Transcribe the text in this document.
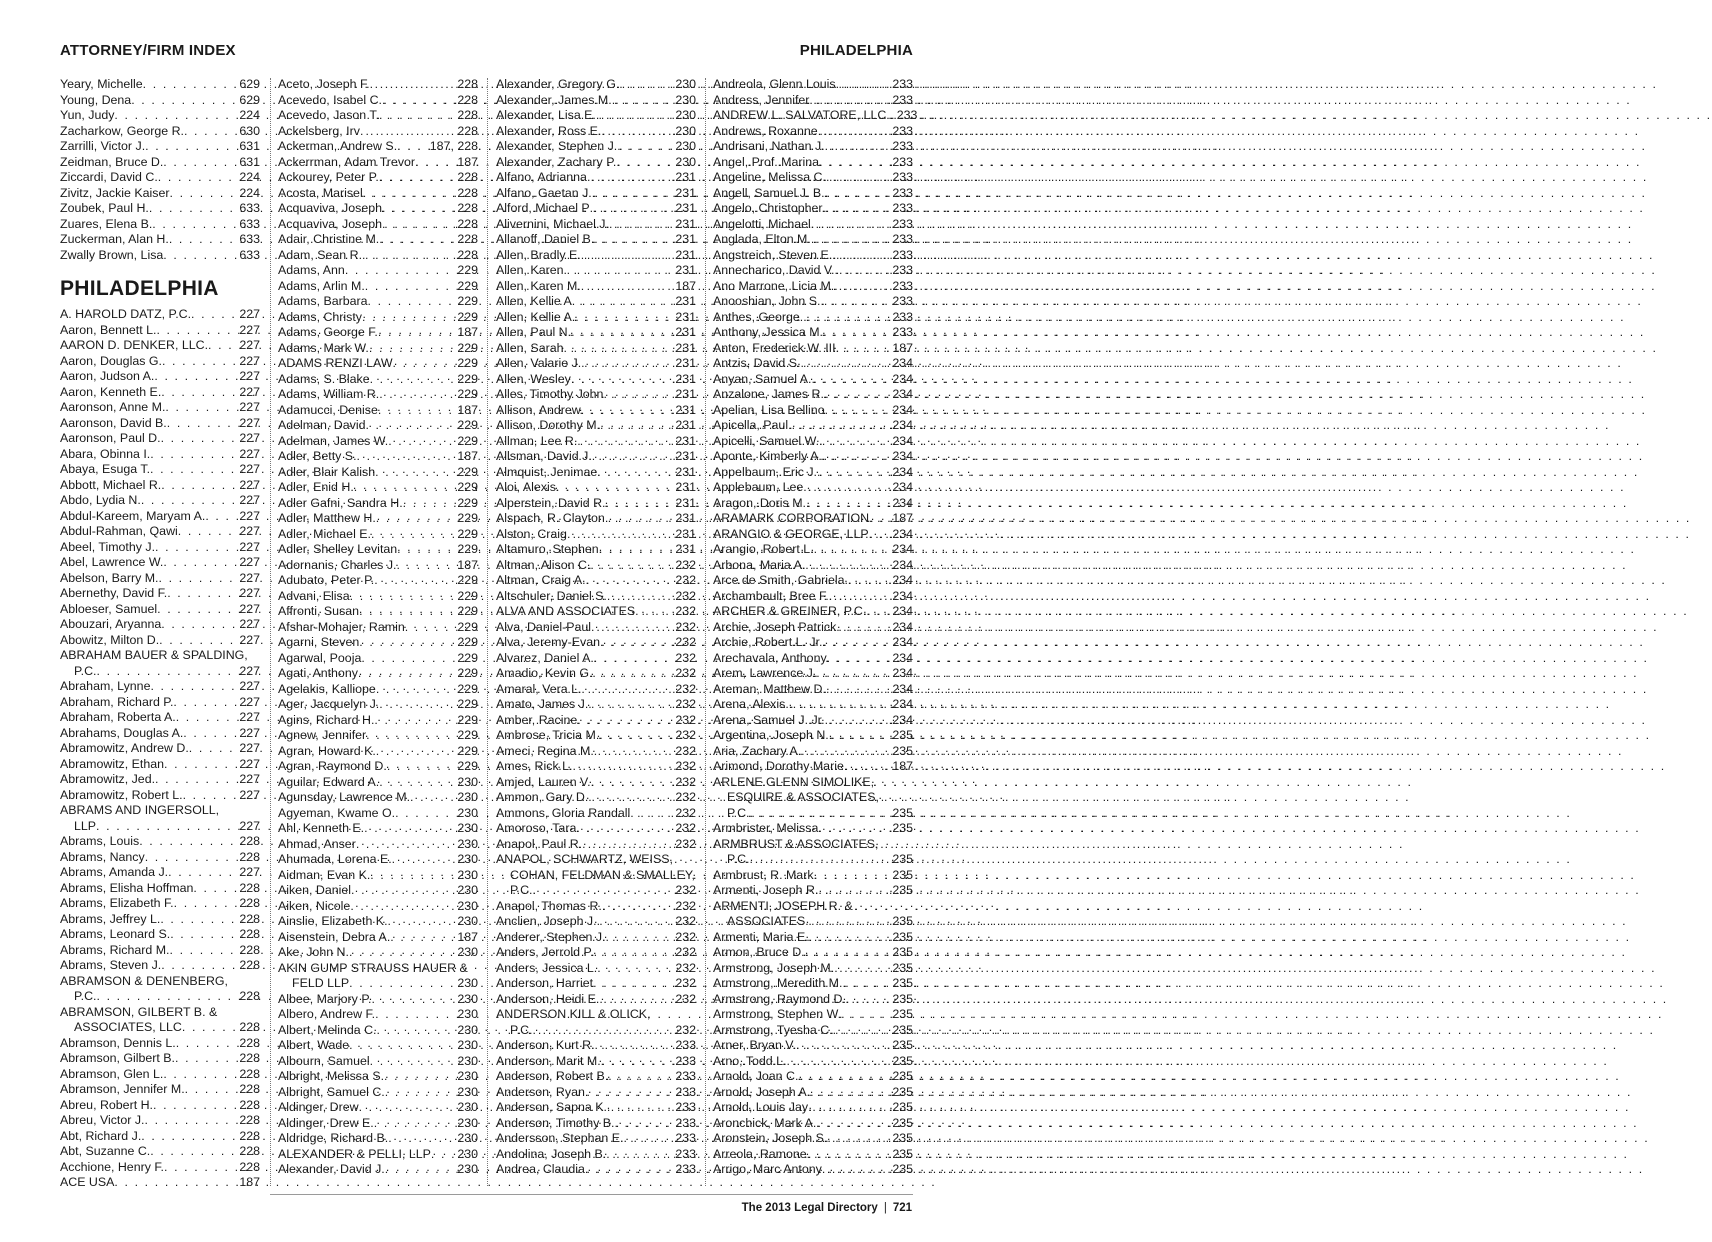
ATTORNEY/FIRM INDEX	PHILADELPHIA
Yeary, Michelle . . .	629
Young, Dena . . .	629
Yun, Judy . . .	224
Zacharkow, George R. . . .	630
Zarrilli, Victor J. . . .	631
Zeidman, Bruce D. . . .	631
Ziccardi, David C. . . .	224
Zivitz, Jackie Kaiser . . .	224
Zoubek, Paul H. . . .	633
Zuares, Elena B. . . .	633
Zuckerman, Alan H. . . .	633
Zwally Brown, Lisa . . .	633
PHILADELPHIA
A. HAROLD DATZ, P.C. . . .	227
Aaron, Bennett L. . . .	227
AARON D. DENKER, LLC. . . .	227
Aaron, Douglas G. . . .	227
Aaron, Judson A. . . .	227
Aaron, Kenneth E. . . .	227
Aaronson, Anne M. . . .	227
Aaronson, David B. . . .	227
Aaronson, Paul D. . . .	227
Abara, Obinna I. . . .	227
Abaya, Esuga T. . . .	227
Abbott, Michael R. . . .	227
Abdo, Lydia N. . . .	227
Abdul-Kareem, Maryam A. . . .	227
Abdul-Rahman, Qawi . . .	227
Abeel, Timothy J. . . .	227
Abel, Lawrence W. . . .	227
Abelson, Barry M. . . .	227
Abernethy, David F. . . .	227
Abloeser, Samuel . . .	227
Abouzari, Aryanna . . .	227
Abowitz, Milton D. . . .	227
ABRAHAM BAUER & SPALDING,
P.C. . . .	227
Abraham, Lynne . . .	227
Abraham, Richard P. . . .	227
Abraham, Roberta A. . . .	227
Abrahams, Douglas A. . . .	227
Abramowitz, Andrew D. . . .	227
Abramowitz, Ethan . . .	227
Abramowitz, Jed. . . .	227
Abramowitz, Robert L. . . .	227
ABRAMS AND INGERSOLL,
LLP . . .	227
Abrams, Louis . . .	228
Abrams, Nancy . . .	228
Abrams, Amanda J. . . .	227
Abrams, Elisha Hoffman . . .	228
Abrams, Elizabeth F. . . .	228
Abrams, Jeffrey L. . . .	228
Abrams, Leonard S. . . .	228
Abrams, Richard M. . . .	228
Abrams, Steven J. . . .	228
ABRAMSON & DENENBERG,
P.C. . . .	228
ABRAMSON, GILBERT B. &
ASSOCIATES, LLC . . .	228
Abramson, Dennis L. . . .	228
Abramson, Gilbert B. . . .	228
Abramson, Glen L. . . .	228
Abramson, Jennifer M. . . .	228
Abreu, Robert H. . . .	228
Abreu, Victor J. . . .	228
Abt, Richard J. . . .	228
Abt, Suzanne C. . . .	228
Acchione, Henry F. . . .	228
ACE USA . . .	187
Aceto, Joseph F. . . .	228
Acevedo, Isabel C. . . .	228
Acevedo, Jason T. . . .	228
Ackelsberg, Irv . . .	228
Ackerman, Andrew S. . . .	187, 228
Ackerrman, Adam Trevor . . .	187
Ackourey, Peter P. . . .	228
Acosta, Marisel . . .	228
Acquaviva, Joseph . . .	228
Acquaviva, Joseph . . .	228
Adair, Christine M. . . .	228
Adam, Sean R. . . .	228
Adams, Ann . . .	229
Adams, Arlin M. . . .	229
Adams, Barbara . . .	229
Adams, Christy . . .	229
Adams, George F. . . .	187
Adams, Mark W. . . .	229
ADAMS RENZI LAW . . .	229
Adams, S. Blake . . .	229
Adams, William R. . . .	229
Adamucci, Denise . . .	187
Adelman, David . . .	229
Adelman, James W. . . .	229
Adler, Betty S. . . .	187
Adler, Blair Kalish . . .	229
Adler, Enid H. . . .	229
Adler Gafni, Sandra H. . . .	229
Adler, Matthew H. . . .	229
Adler, Michael E. . . .	229
Adler, Shelley Levitan . . .	229
Adornanis, Charles J. . . .	187
Adubato, Peter P. . . .	229
Advani, Elisa . . .	229
Affronti, Susan . . .	229
Afshar-Mohajer, Ramin . . .	229
Agarni, Steven . . .	229
Agarwal, Pooja . . .	229
Agati, Anthony . . .	229
Agelakis, Kalliope . . .	229
Ager, Jacquelyn J. . . .	229
Agins, Richard H. . . .	229
Agnew, Jennifer . . .	229
Agran, Howard K. . . .	229
Agran, Raymond D. . . .	229
Aguilar, Edward A. . . .	230
Agunsday, Lawrence M. . . .	230
Agyeman, Kwame O. . . .	230
Ahl, Kenneth E. . . .	230
Ahmad, Anser . . .	230
Ahumada, Lorena E. . . .	230
Aidman, Evan K. . . .	230
Aiken, Daniel . . .	230
Aiken, Nicole . . .	230
Ainslie, Elizabeth K. . . .	230
Aisenstein, Debra A. . . .	187
Ake, John N. . . .	230
AKIN GUMP STRAUSS HAUER &
FELD LLP . . .	230
Albee, Marjory P. . . .	230
Albero, Andrew F. . . .	230
Albert, Melinda C. . . .	230
Albert, Wade . . .	230
Albourn, Samuel . . .	230
Albright, Melissa S. . . .	230
Albright, Samuel C. . . .	230
Aldinger, Drew . . .	230
Aldinger, Drew E. . . .	230
Aldridge, Richard B. . . .	230
ALEXANDER & PELLI, LLP . . . 230
Alexander, David J. . . .	230
Alexander, Gregory G. . . .	230
Alexander, James M. . . .	230
Alexander, Lisa E. . . .	230
Alexander, Ross E. . . .	230
Alexander, Stephen J. . . .	230
Alexander, Zachary P. . . .	230
Alfano, Adrianna . . .	231
Alfano, Gaetan J. . . .	231
Alford, Michael P . . .	231
Alivernini, Michael J. . . .	231
Allanoff, Daniel B. . . .	231
Allen, Bradly E. . . .	231
Allen, Karen . . .	231
Allen, Karen M. . . .	187
Allen, Kellie A . . .	231
Allen, Kellie A. . . .	231
Allen, Paul N. . . .	231
Allen, Sarah . . .	231
Allen, Valarie J. . . .	231
Allen, Wesley . . .	231
Alles, Timothy John . . .	231
Allison, Andrew . . .	231
Allison, Dorothy M. . . .	231
Allman, Lee R. . . .	231
Allsman, David J. . . .	231
Almquist, Jenimae . . .	231
Aloi, Alexis . . .	231
Alperstein, David R. . . .	231
Alspach, R. Clayton . . .	231
Alston, Craig . . .	231
Altamuro, Stephen . . .	231
Altman, Alison C. . . .	232
Altman, Craig A. . . .	232
Altschuler, Daniel S. . . .	232
ALVA AND ASSOCIATES . . .	232
Alva, Daniel-Paul . . .	232
Alva, Jeremy-Evan . . .	232
Alvarez, Daniel A. . . .	232
Amadio, Kevin G. . . .	232
Amaral, Vera L. . . .	232
Amato, James J. . . .	232
Amber, Racine . . .	232
Ambrose, Tricia M. . . .	232
Ameci, Regina M. . . .	232
Ames, Rick L. . . .	232
Amjed, Lauren V. . . .	232
Ammon, Gary D. . . .	232
Ammons, Gloria Randall . . .	232
Amoroso, Tara . . .	232
Anapol, Paul R. . . .	232
ANAPOL, SCHWARTZ, WEISS,
COHAN, FELDMAN & SMALLEY,
P.C. . . .	232
Anapol, Thomas R. . . .	232
Anclien, Joseph J. . . .	232
Anderer, Stephen J. . . .	232
Anders, Jerrold P. . . .	232
Anders, Jessica L. . . .	232
Anderson, Harriet . . .	232
Anderson, Heidi E. . . .	232
ANDERSON KILL & OLICK,
P.C. . . .	232
Anderson, Kurt R. . . .	233
Anderson, Marit M. . . .	233
Anderson, Robert B. . . .	233
Anderson, Ryan . . .	233
Anderson, Sapna K. . . .	233
Anderson, Timothy B. . . .	233
Andersson, Stephan E. . . .	233
Andolina, Joseph B. . . .	233
Andrea, Claudia . . .	233
Andreola, Glenn Louis . . .	233
Andress, Jennifer . . .	233
ANDREW L. SALVATORE, LLC. . . . 233
Andrews, Roxanne . . .	233
Andrisani, Nathan J. . . .	233
Angel, Prof. Marina . . .	233
Angeline, Melissa C. . . .	233
Angell, Samuel J. B. . . .	233
Angelo, Christopher . . .	233
Angelotti, Michael . . .	233
Anglada, Elton M. . . .	233
Angstreich, Steven E. . . .	233
Annecharico, David V. . . .	233
Ano Marrone, Licia M. . . .	233
Anooshian, John S. . . .	233
Anthes, George. . . .	233
Anthony, Jessica M. . . .	233
Anton, Frederick W. III . . .	187
Antzis, David S. . . .	234
Anyan, Samuel A. . . .	234
Anzalone, James R. . . .	234
Apelian, Lisa Bellino . . .	234
Apicella, Paul . . .	234
Apicelli, Samuel W. . . .	234
Aponte, Kimberly A. . . .	234
Appelbaum, Eric J. . . .	234
Applebaum, Lee . . .	234
Aragon, Doris M. . . .	234
ARAMARK CORPORATION . . . 187
ARANGIO & GEORGE, LLP . . . 234
Arangio, Robert L. . . .	234
Arbona, Maria A. . . .	234
Arce de Smith, Gabriela . . .	234
Archambault, Bree F. . . .	234
ARCHER & GREINER, P.C. . . . 234
Archie, Joseph Patrick . . .	234
Archie, Robert L. Jr. . . .	234
Arechavala, Anthony . . .	234
Arem, Lawrence J. . . .	234
Areman, Matthew D. . . .	234
Arena, Alexis. . . .	234
Arena, Samuel J. Jr. . . .	234
Argentina, Joseph N. . . .	235
Aria, Zachary A. . . .	235
Arimond, Dorothy Marie . . .	187
ARLENE GLENN SIMOLIKE,
ESQUIRE & ASSOCIATES,
P.C. . . .	235
Armbrister, Melissa . . .	235
ARMBRUST & ASSOCIATES,
P.C. . . .	235
Armbrust, R. Mark . . .	235
Armenti, Joseph R. . . .	235
ARMENTI, JOSEPH R. &
ASSOCIATES . . .	235
Armenti, Maria E. . . .	235
Armon, Bruce D. . . .	235
Armstrong, Joseph M. . . .	235
Armstrong, Meredith M. . . .	235
Armstrong, Raymond D. . . .	235
Armstrong, Stephen W. . . .	235
Armstrong, Tyesha C. . . .	235
Arner, Bryan V. . . .	235
Arno, Todd L. . . .	235
Arnold, Joan C. . . .	235
Arnold, Joseph A. . . .	235
Arnold, Louis Jay . . .	235
Aronchick, Mark A. . . .	235
Aronstein, Joseph S. . . .	235
Arreola, Ramone . . .	235
Arrigo, Marc Antony . . .	235
The 2013 Legal Directory | 721
